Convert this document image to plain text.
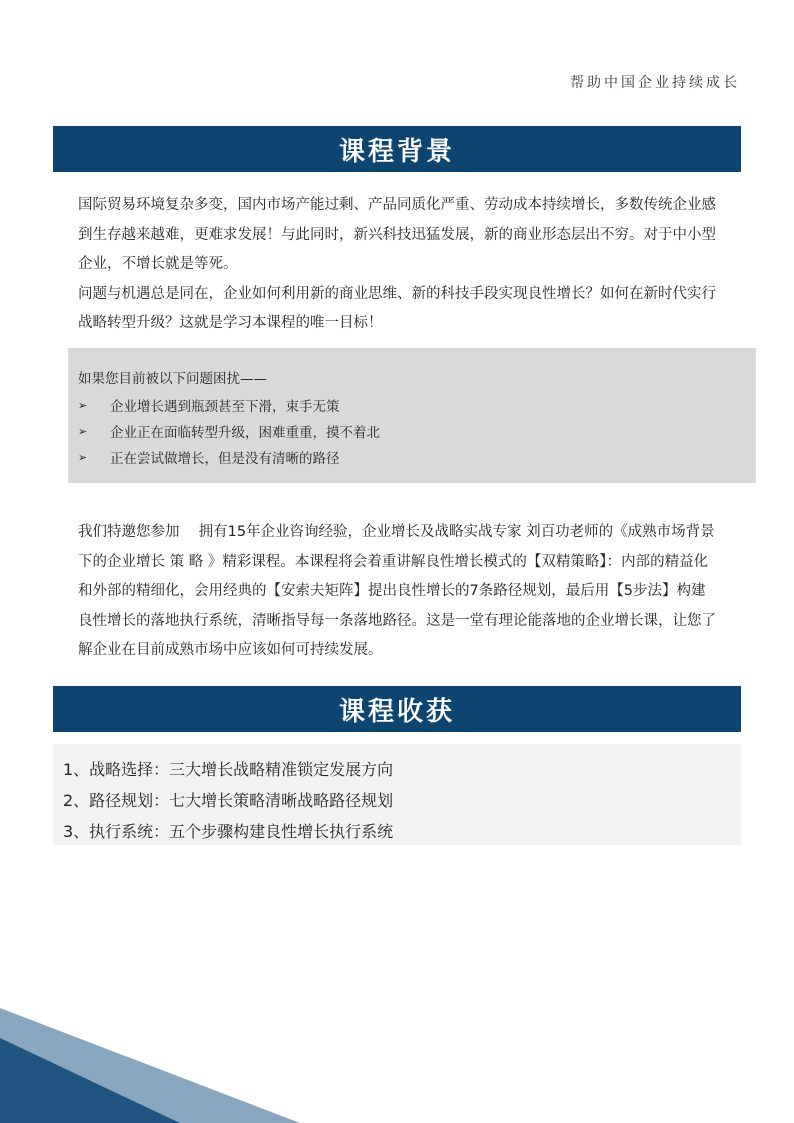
帮助中国企业持续成长
课程背景

国际贸易环境复杂多变，国内市场产能过剩、产品同质化严重、劳动成本持续增长，多数传统企业感到生存越来越难，更难求发展！与此同时，新兴科技迅猛发展，新的商业形态层出不穷。对于中小型企业，不增长就是等死。

问题与机遇总是同在，企业如何利用新的商业思维、新的科技手段实现良性增长？如何在新时代实行战略转型升级？这就是学习本课程的唯一目标！

如果您目前被以下问题困扰——
➢	企业增长遇到瓶颈甚至下滑，束手无策
➢	企业正在面临转型升级，困难重重，摸不着北
➢	正在尝试做增长，但是没有清晰的路径

我们特邀您参加　 拥有15年企业咨询经验，企业增长及战略实战专家 刘百功老师的《成熟市场背景下的企业增长 策 略 》精彩课程。本课程将会着重讲解良性增长模式的【双精策略】：内部的精益化和外部的精细化，会用经典的【安索夫矩阵】提出良性增长的7条路径规划，最后用【5步法】构建良性增长的落地执行系统，清晰指导每一条落地路径。这是一堂有理论能落地的企业增长课，让您了解企业在目前成熟市场中应该如何可持续发展。

课程收获
1、战略选择：三大增长战略精准锁定发展方向
2、路径规划：七大增长策略清晰战略路径规划
3、执行系统：五个步骤构建良性增长执行系统
